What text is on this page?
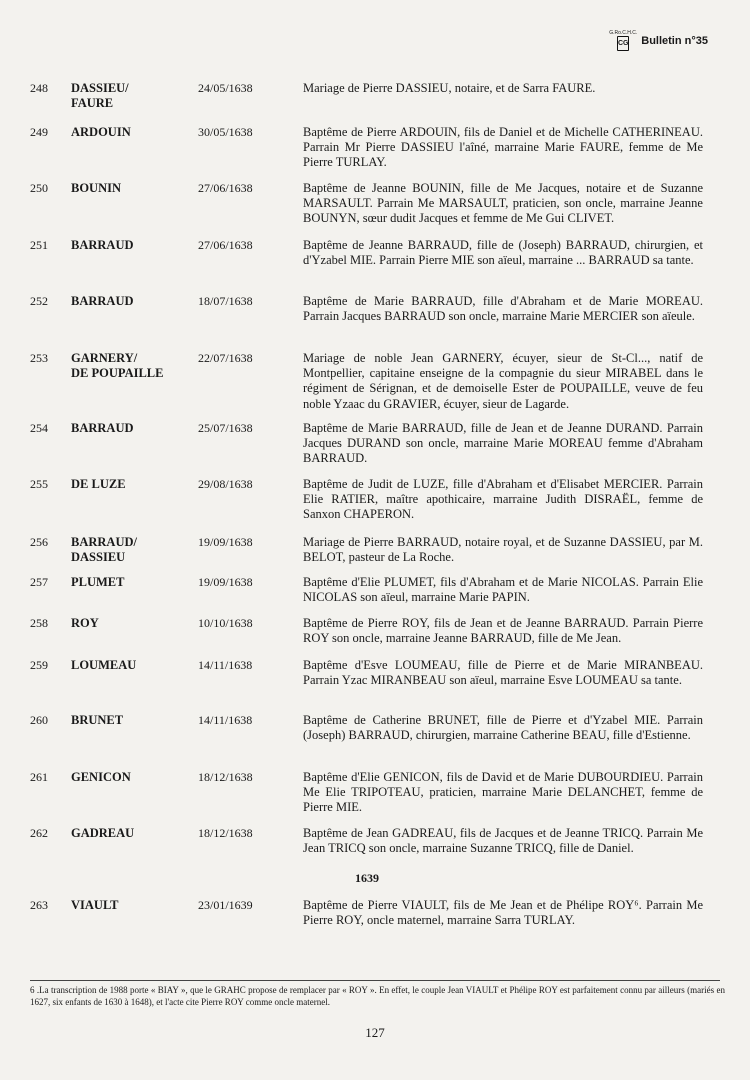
G.Ro.C.H.C.
CG Bulletin n°35
248 DASSIEU/
FAURE
24/05/1638	Mariage de Pierre DASSIEU, notaire, et de Sarra FAURE.
249 ARDOUIN	30/05/1638	Baptême de Pierre ARDOUIN, fils de Daniel et de Michelle CATHERINEAU. Parrain Mr Pierre DASSIEU l'aîné, marraine Marie FAURE, femme de Me Pierre TURLAY.
250 BOUNIN	27/06/1638	Baptême de Jeanne BOUNIN, fille de Me Jacques, notaire et de Suzanne MARSAULT. Parrain Me MARSAULT, praticien, son oncle, marraine Jeanne BOUNYN, sœur dudit Jacques et femme de Me Gui CLIVET.
251 BARRAUD	27/06/1638	Baptême de Jeanne BARRAUD, fille de (Joseph) BARRAUD, chirurgien, et d'Yzabel MIE. Parrain Pierre MIE son aïeul, marraine ... BARRAUD sa tante.
252 BARRAUD	18/07/1638	Baptême de Marie BARRAUD, fille d'Abraham et de Marie MOREAU. Parrain Jacques BARRAUD son oncle, marraine Marie MERCIER son aïeule.
253 GARNERY/
DE POUPAILLE
22/07/1638	Mariage de noble Jean GARNERY, écuyer, sieur de St-Cl..., natif de Montpellier, capitaine enseigne de la compagnie du sieur MIRABEL dans le régiment de Sérignan, et de demoiselle Ester de POUPAILLE, veuve de feu noble Yzaac du GRAVIER, écuyer, sieur de Lagarde.
254 BARRAUD	25/07/1638	Baptême de Marie BARRAUD, fille de Jean et de Jeanne DURAND. Parrain Jacques DURAND son oncle, marraine Marie MOREAU femme d'Abraham BARRAUD.
255 DE LUZE	29/08/1638	Baptême de Judit de LUZE, fille d'Abraham et d'Elisabet MERCIER. Parrain Elie RATIER, maître apothicaire, marraine Judith DISRAËL, femme de Sanxon CHAPERON.
256 BARRAUD/
DASSIEU
19/09/1638	Mariage de Pierre BARRAUD, notaire royal, et de Suzanne DASSIEU, par M. BELOT, pasteur de La Roche.
257 PLUMET	19/09/1638	Baptême d'Elie PLUMET, fils d'Abraham et de Marie NICOLAS. Parrain Elie NICOLAS son aïeul, marraine Marie PAPIN.
258 ROY	10/10/1638	Baptême de Pierre ROY, fils de Jean et de Jeanne BARRAUD. Parrain Pierre ROY son oncle, marraine Jeanne BARRAUD, fille de Me Jean.
259 LOUMEAU	14/11/1638	Baptême d'Esve LOUMEAU, fille de Pierre et de Marie MIRANBEAU. Parrain Yzac MIRANBEAU son aïeul, marraine Esve LOUMEAU sa tante.
260 BRUNET	14/11/1638	Baptême de Catherine BRUNET, fille de Pierre et d'Yzabel MIE. Parrain (Joseph) BARRAUD, chirurgien, marraine Catherine BEAU, fille d'Estienne.
261 GENICON	18/12/1638	Baptême d'Elie GENICON, fils de David et de Marie DUBOURDIEU. Parrain Me Elie TRIPOTEAU, praticien, marraine Marie DELANCHET, femme de Pierre MIE.
262 GADREAU	18/12/1638	Baptême de Jean GADREAU, fils de Jacques et de Jeanne TRICQ. Parrain Me Jean TRICQ son oncle, marraine Suzanne TRICQ, fille de Daniel.
263 VIAULT	23/01/1639	Baptême de Pierre VIAULT, fils de Me Jean et de Phélipe ROY⁶. Parrain Me Pierre ROY, oncle maternel, marraine Sarra TURLAY.
1639
6 .La transcription de 1988 porte « BIAY », que le GRAHC propose de remplacer par « ROY ». En effet, le couple Jean VIAULT et Phélipe ROY est parfaitement connu par ailleurs (mariés en 1627, six enfants de 1630 à 1648), et l'acte cite Pierre ROY comme oncle maternel.
127
